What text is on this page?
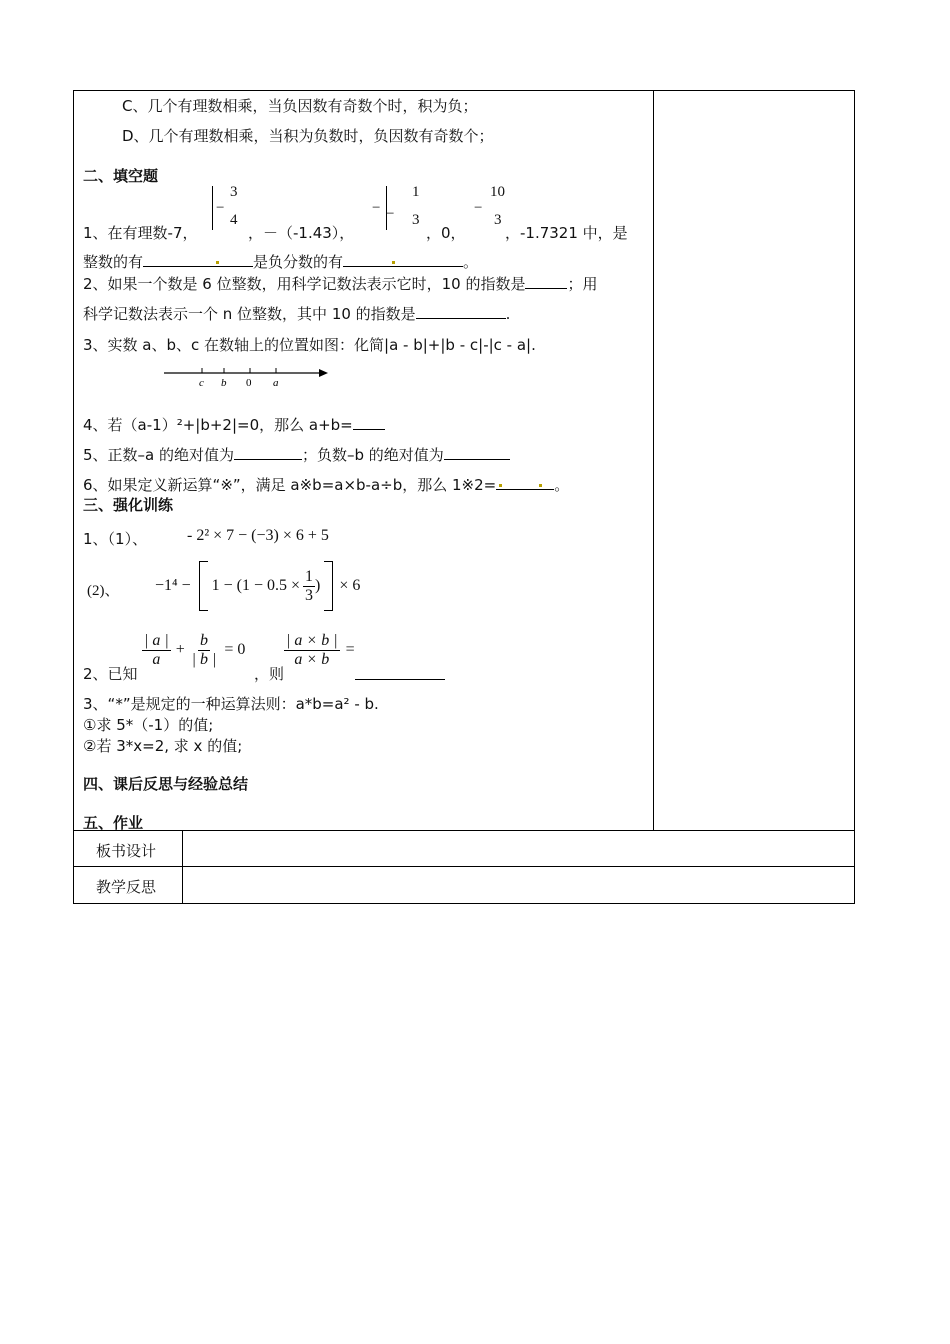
C、几个有理数相乘，当负因数有奇数个时，积为负；
D、几个有理数相乘，当积为负数时，负因数有奇数个；
二、填空题
−
3
4
− −
1
3
−
10
3
1、在有理数-7，	，－（-1.43），	，0，	，-1.7321 中，是
整数的有	是负分数的有	。
2、如果一个数是 6 位整数，用科学记数法表示它时，10 的指数是	；用
科学记数法表示一个 n 位整数，其中 10 的指数是	.
3、实数 a、b、c 在数轴上的位置如图：化简|a - b|+|b - c|-|c - a|.
c b 0 a
4、若（a-1）²+|b+2|=0，那么 a+b=
5、正数–a 的绝对值为	；负数–b 的绝对值为
6、如果定义新运算“※”，满足 a※b=a×b-a÷b，那么 1※2=	。
三、强化训练
1、（1）、 - 2² × 7 − (−3) × 6 + 5
(2)、 $-1^4 - 1 - (1 - 0.5 \times \frac{1}{3}$ ) × 6
2、已知
$\frac{| a |}{a} + \frac{b}{| b |} = 0$
，则
$\frac{| a \times b |}{a \times b}$ =
3、“*”是规定的一种运算法则：a*b=a² - b.
①求 5*（-1）的值;
②若 3*x=2, 求 x 的值;
四、课后反思与经验总结
五、作业
板书设计
教学反思
